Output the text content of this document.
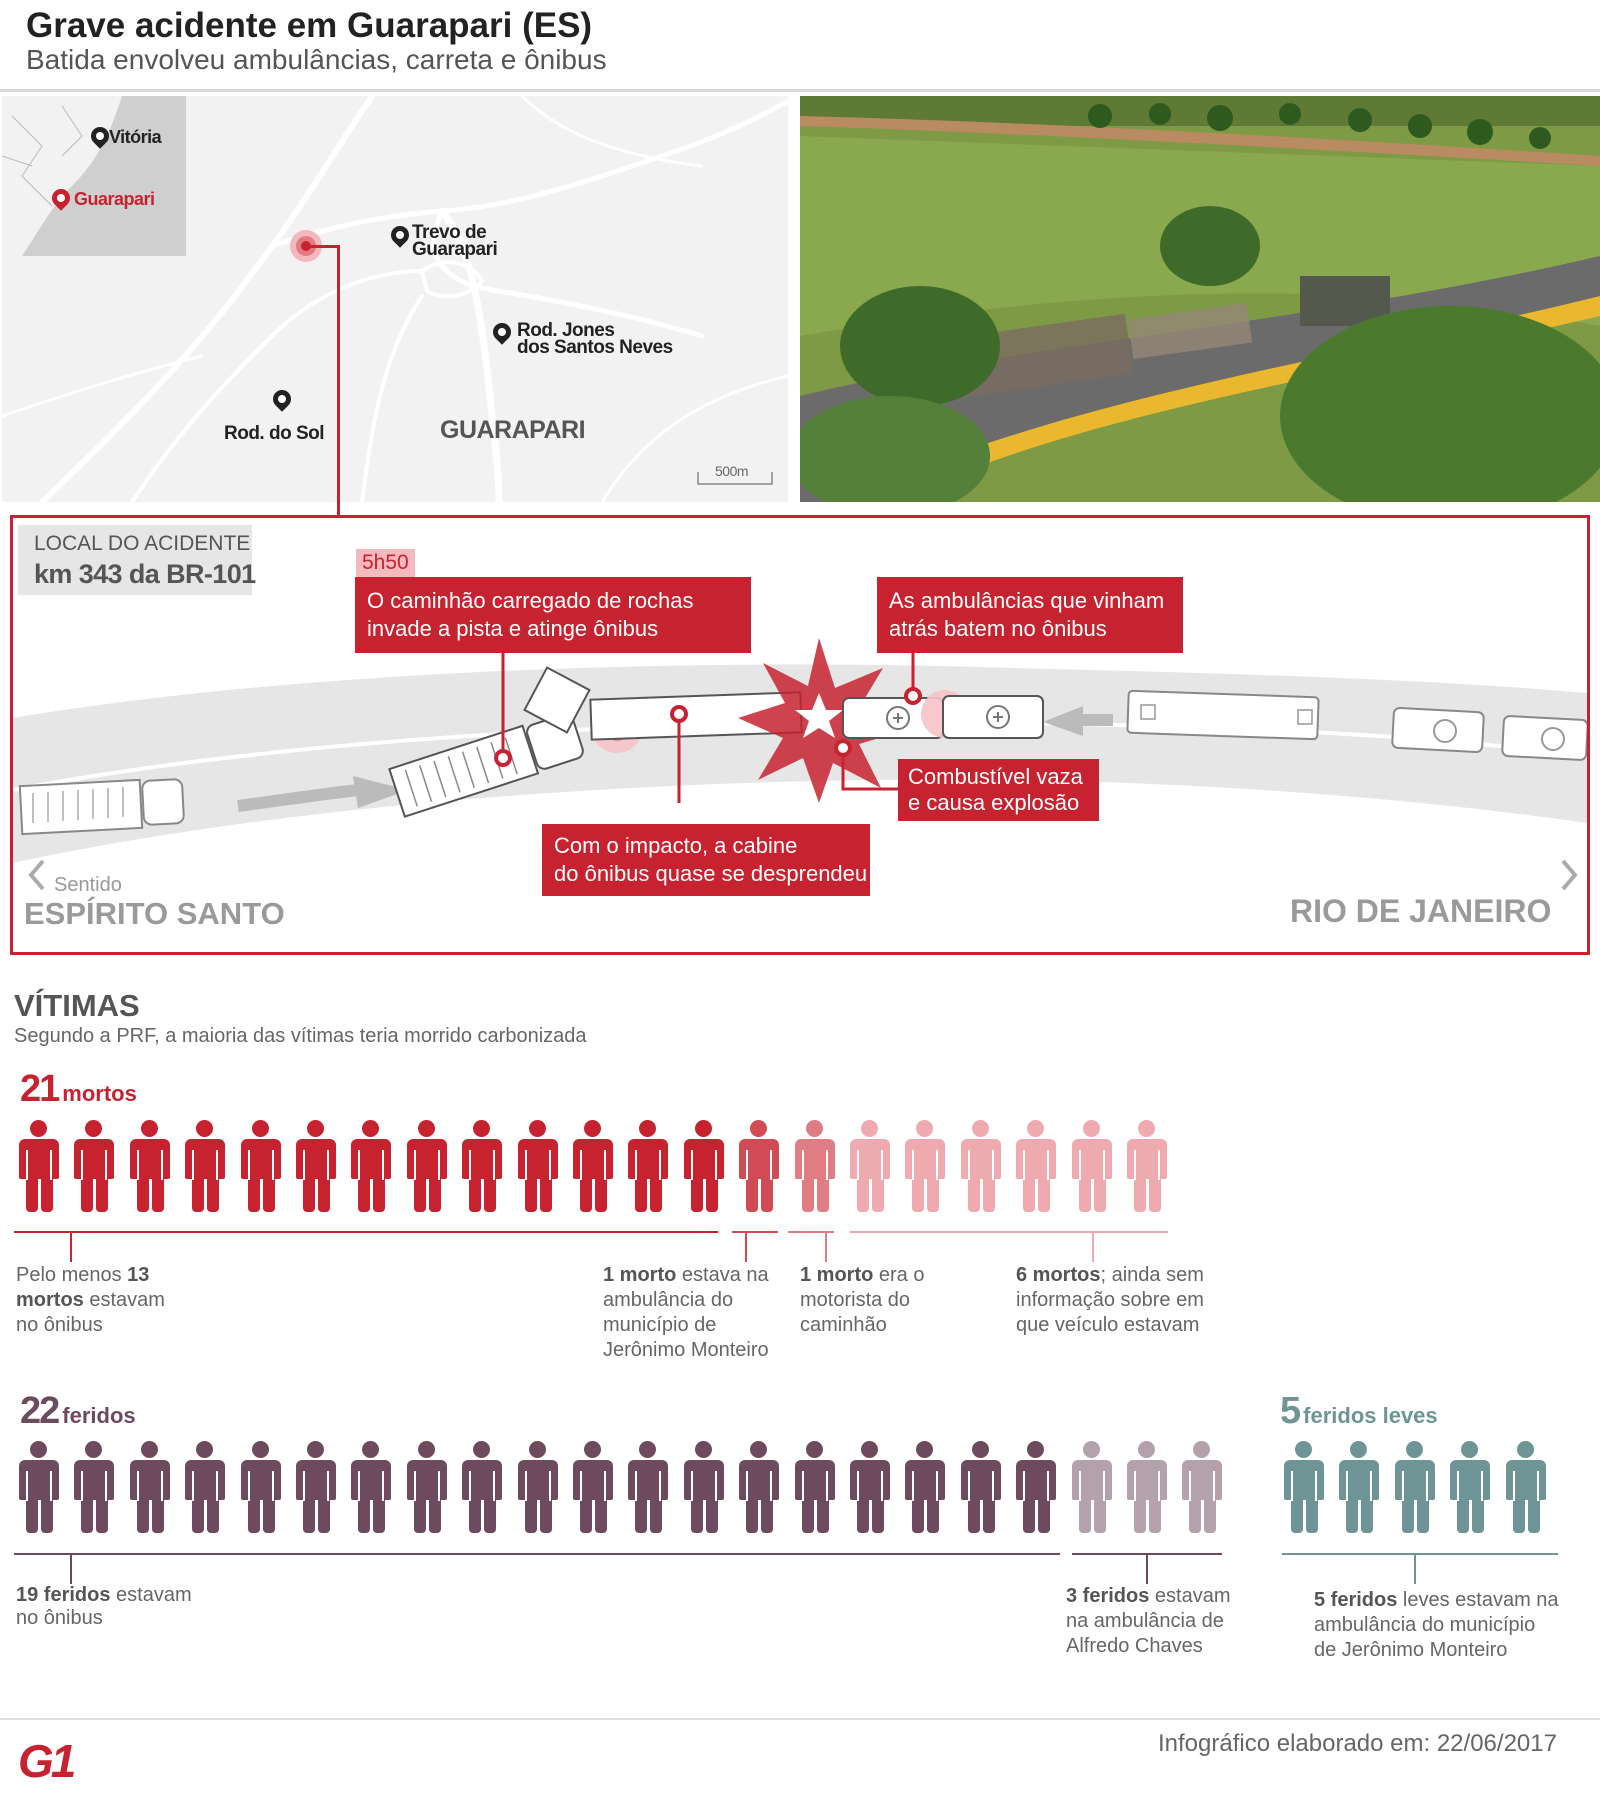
Grave acidente em Guarapari (ES)
Batida envolveu ambulâncias, carreta e ônibus
Vitória
Guarapari
Trevo de
Guarapari
Rod. Jones
dos Santos Neves
Rod. do Sol	GUARAPARI
500m
LOCAL DO ACIDENTE
km 343 da BR-101	5h50
O caminhão carregado de rochas
invade a pista e atinge ônibus
As ambulâncias que vinham
atrás batem no ônibus
Combustível vaza
e causa explosão
Com o impacto, a cabine
do ônibus quase se desprendeu
Sentido
ESPÍRITO SANTO	RIO DE JANEIRO
VÍTIMAS
Segundo a PRF, a maioria das vítimas teria morrido carbonizada
21 mortos
Pelo menos 13
mortos estavam
no ônibus
1 morto estava na
ambulância do
município de
Jerônimo Monteiro
1 morto era o
motorista do
caminhão
6 mortos; ainda sem
informação sobre em
que veículo estavam
22 feridos	5 feridos leves
19 feridos estavam
no ônibus
3 feridos estavam
na ambulância de
Alfredo Chaves
5 feridos leves estavam na
ambulância do município
de Jerônimo Monteiro
G1	Infográfico elaborado em: 22/06/2017
